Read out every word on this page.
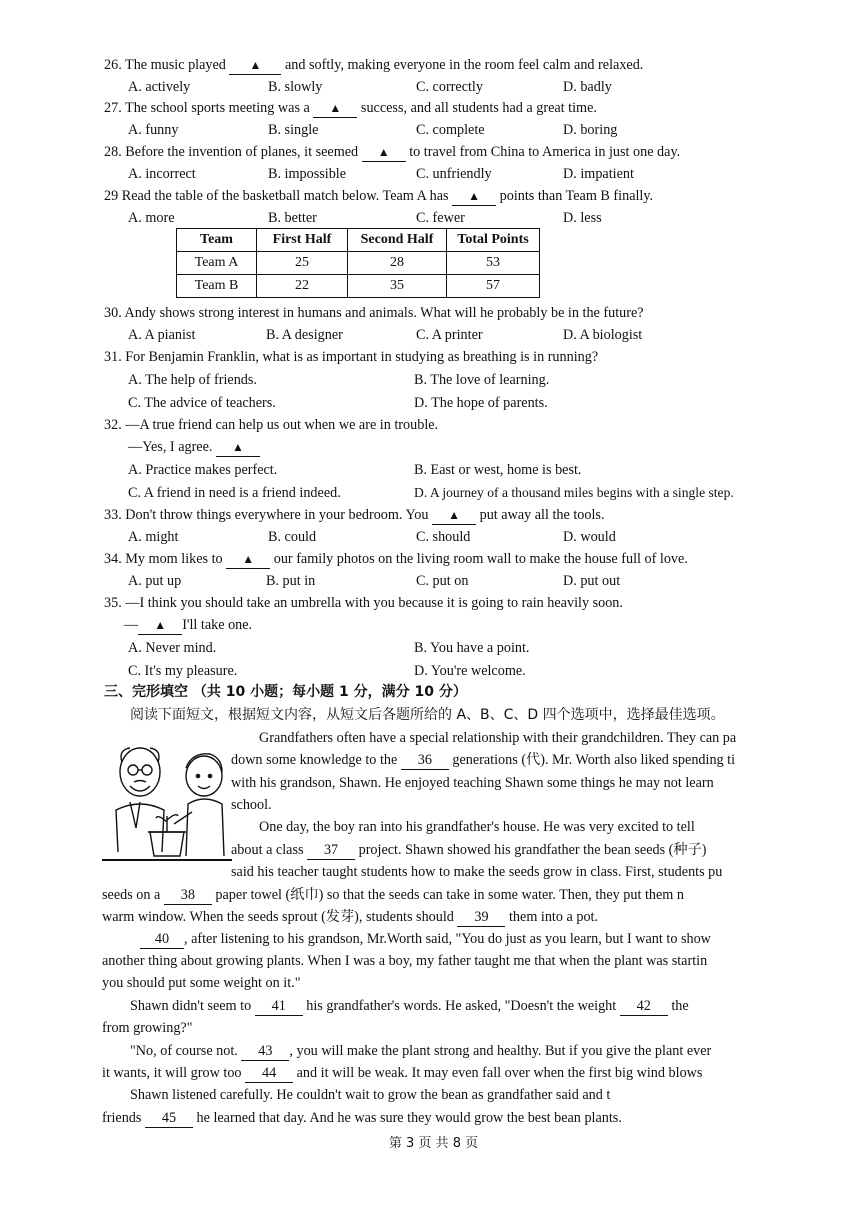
26. The music played ▲ and softly, making everyone in the room feel calm and relaxed.
A. actively	B. slowly	C. correctly	D. badly
27. The school sports meeting was a ▲ success, and all students had a great time.
A. funny	B. single	C. complete	D. boring
28. Before the invention of planes, it seemed ▲ to travel from China to America in just one day.
A. incorrect	B. impossible	C. unfriendly	D. impatient
29 Read the table of the basketball match below. Team A has ▲ points than Team B finally.
A. more	B. better	C. fewer	D. less
Team	First Half	Second Half	Total Points
Team A	25	28	53
Team B	22	35	57
30. Andy shows strong interest in humans and animals. What will he probably be in the future?
A. A pianist	B. A designer	C. A printer	D. A biologist
31. For Benjamin Franklin, what is as important in studying as breathing is in running?
A. The help of friends.	B. The love of learning.
C. The advice of teachers.	D. The hope of parents.
32. —A true friend can help us out when we are in trouble.
—Yes, I agree. ▲
A. Practice makes perfect.	B. East or west, home is best.
C. A friend in need is a friend indeed.	D. A journey of a thousand miles begins with a single step.
33. Don't throw things everywhere in your bedroom. You ▲ put away all the tools.
A. might	B. could	C. should	D. would
34. My mom likes to ▲ our family photos on the living room wall to make the house full of love.
A. put up	B. put in	C. put on	D. put out
35. —I think you should take an umbrella with you because it is going to rain heavily soon.
— ▲ I'll take one.
A. Never mind.	B. You have a point.
C. It's my pleasure.	D. You're welcome.
三、完形填空 （共 10 小题；每小题 1 分，满分 10 分）
阅读下面短文，根据短文内容，从短文后各题所给的 A、B、C、D 四个选项中，选择最佳选项。
Grandfathers often have a special relationship with their grandchildren. They can pa
down some knowledge to the 36 generations (代). Mr. Worth also liked spending ti
with his grandson, Shawn. He enjoyed teaching Shawn some things he may not learn
school.
One day, the boy ran into his grandfather's house. He was very excited to tell
about a class 37 project. Shawn showed his grandfather the bean seeds (种子)
said his teacher taught students how to make the seeds grow in class. First, students pu
seeds on a 38 paper towel (纸巾) so that the seeds can take in some water. Then, they put them n
warm window. When the seeds sprout (发芽), students should 39 them into a pot.
40 , after listening to his grandson, Mr.Worth said, "You do just as you learn, but I want to show
another thing about growing plants. When I was a boy, my father taught me that when the plant was startin
you should put some weight on it."
Shawn didn't seem to 41 his grandfather's words. He asked, "Doesn't the weight 42 the
from growing?"
"No, of course not. 43 , you will make the plant strong and healthy. But if you give the plant ever
it wants, it will grow too 44 and it will be weak. It may even fall over when the first big wind blows
Shawn listened carefully. He couldn't wait to grow the bean as grandfather said and t
friends 45 he learned that day. And he was sure they would grow the best bean plants.
第 3 页 共 8 页
